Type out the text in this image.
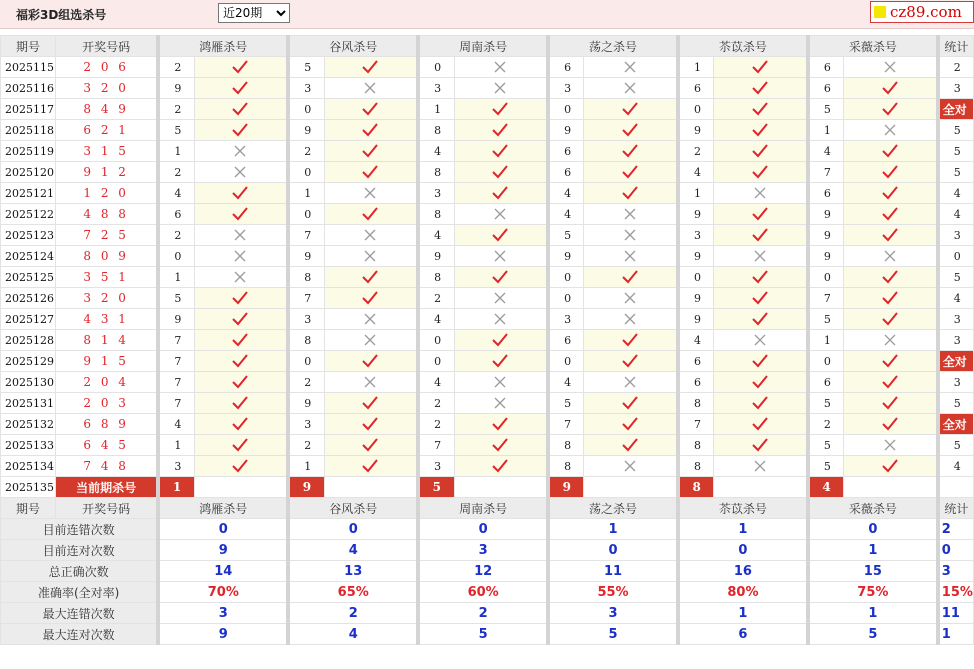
福彩3D组选杀号
近20期	cz89.com
期号	开奖号码	鸿雁杀号		谷风杀号		周南杀号		荡之杀号		苶苡杀号		采薇杀号		统计
2025115	2 0 6	2		5		0		6		1		6		2
2025116	3 2 0	9		3		3		3		6		6		3
2025117	8 4 9	2		0		1		0		0		5		全对
2025118	6 2 1	5		9		8		9		9		1		5
2025119	3 1 5	1		2		4		6		2		4		5
2025120	9 1 2	2		0		8		6		4		7		5
2025121	1 2 0	4		1		3		4		1		6		4
2025122	4 8 8	6		0		8		4		9		9		4
2025123	7 2 5	2		7		4		5		3		9		3
2025124	8 0 9	0		9		9		9		9		9		0
2025125	3 5 1	1		8		8		0		0		0		5
2025126	3 2 0	5		7		2		0		9		7		4
2025127	4 3 1	9		3		4		3		9		5		3
2025128	8 1 4	7		8		0		6		4		1		3
2025129	9 1 5	7		0		0		0		6		0		全对
2025130	2 0 4	7		2		4		4		6		6		3
2025131	2 0 3	7		9		2		5		8		5		5
2025132	6 8 9	4		3		2		7		7		2		全对
2025133	6 4 5	1		2		7		8		8		5		5
2025134	7 4 8	3		1		3		8		8		5		4
2025135	当前期杀号	1		9		5		9		8		4		
期号	开奖号码	鸿雁杀号		谷风杀号		周南杀号		荡之杀号		苶苡杀号		采薇杀号		统计
目前连错次数		0		0		0		1		1		0		2
目前连对次数		9		4		3		0		0		1		0
总正确次数		14		13		12		11		16		15		3
准确率(全对率)		70%		65%		60%		55%		80%		75%		15%
最大连错次数		3		2		2		3		1		1		11
最大连对次数		9		4		5		5		6		5		1
